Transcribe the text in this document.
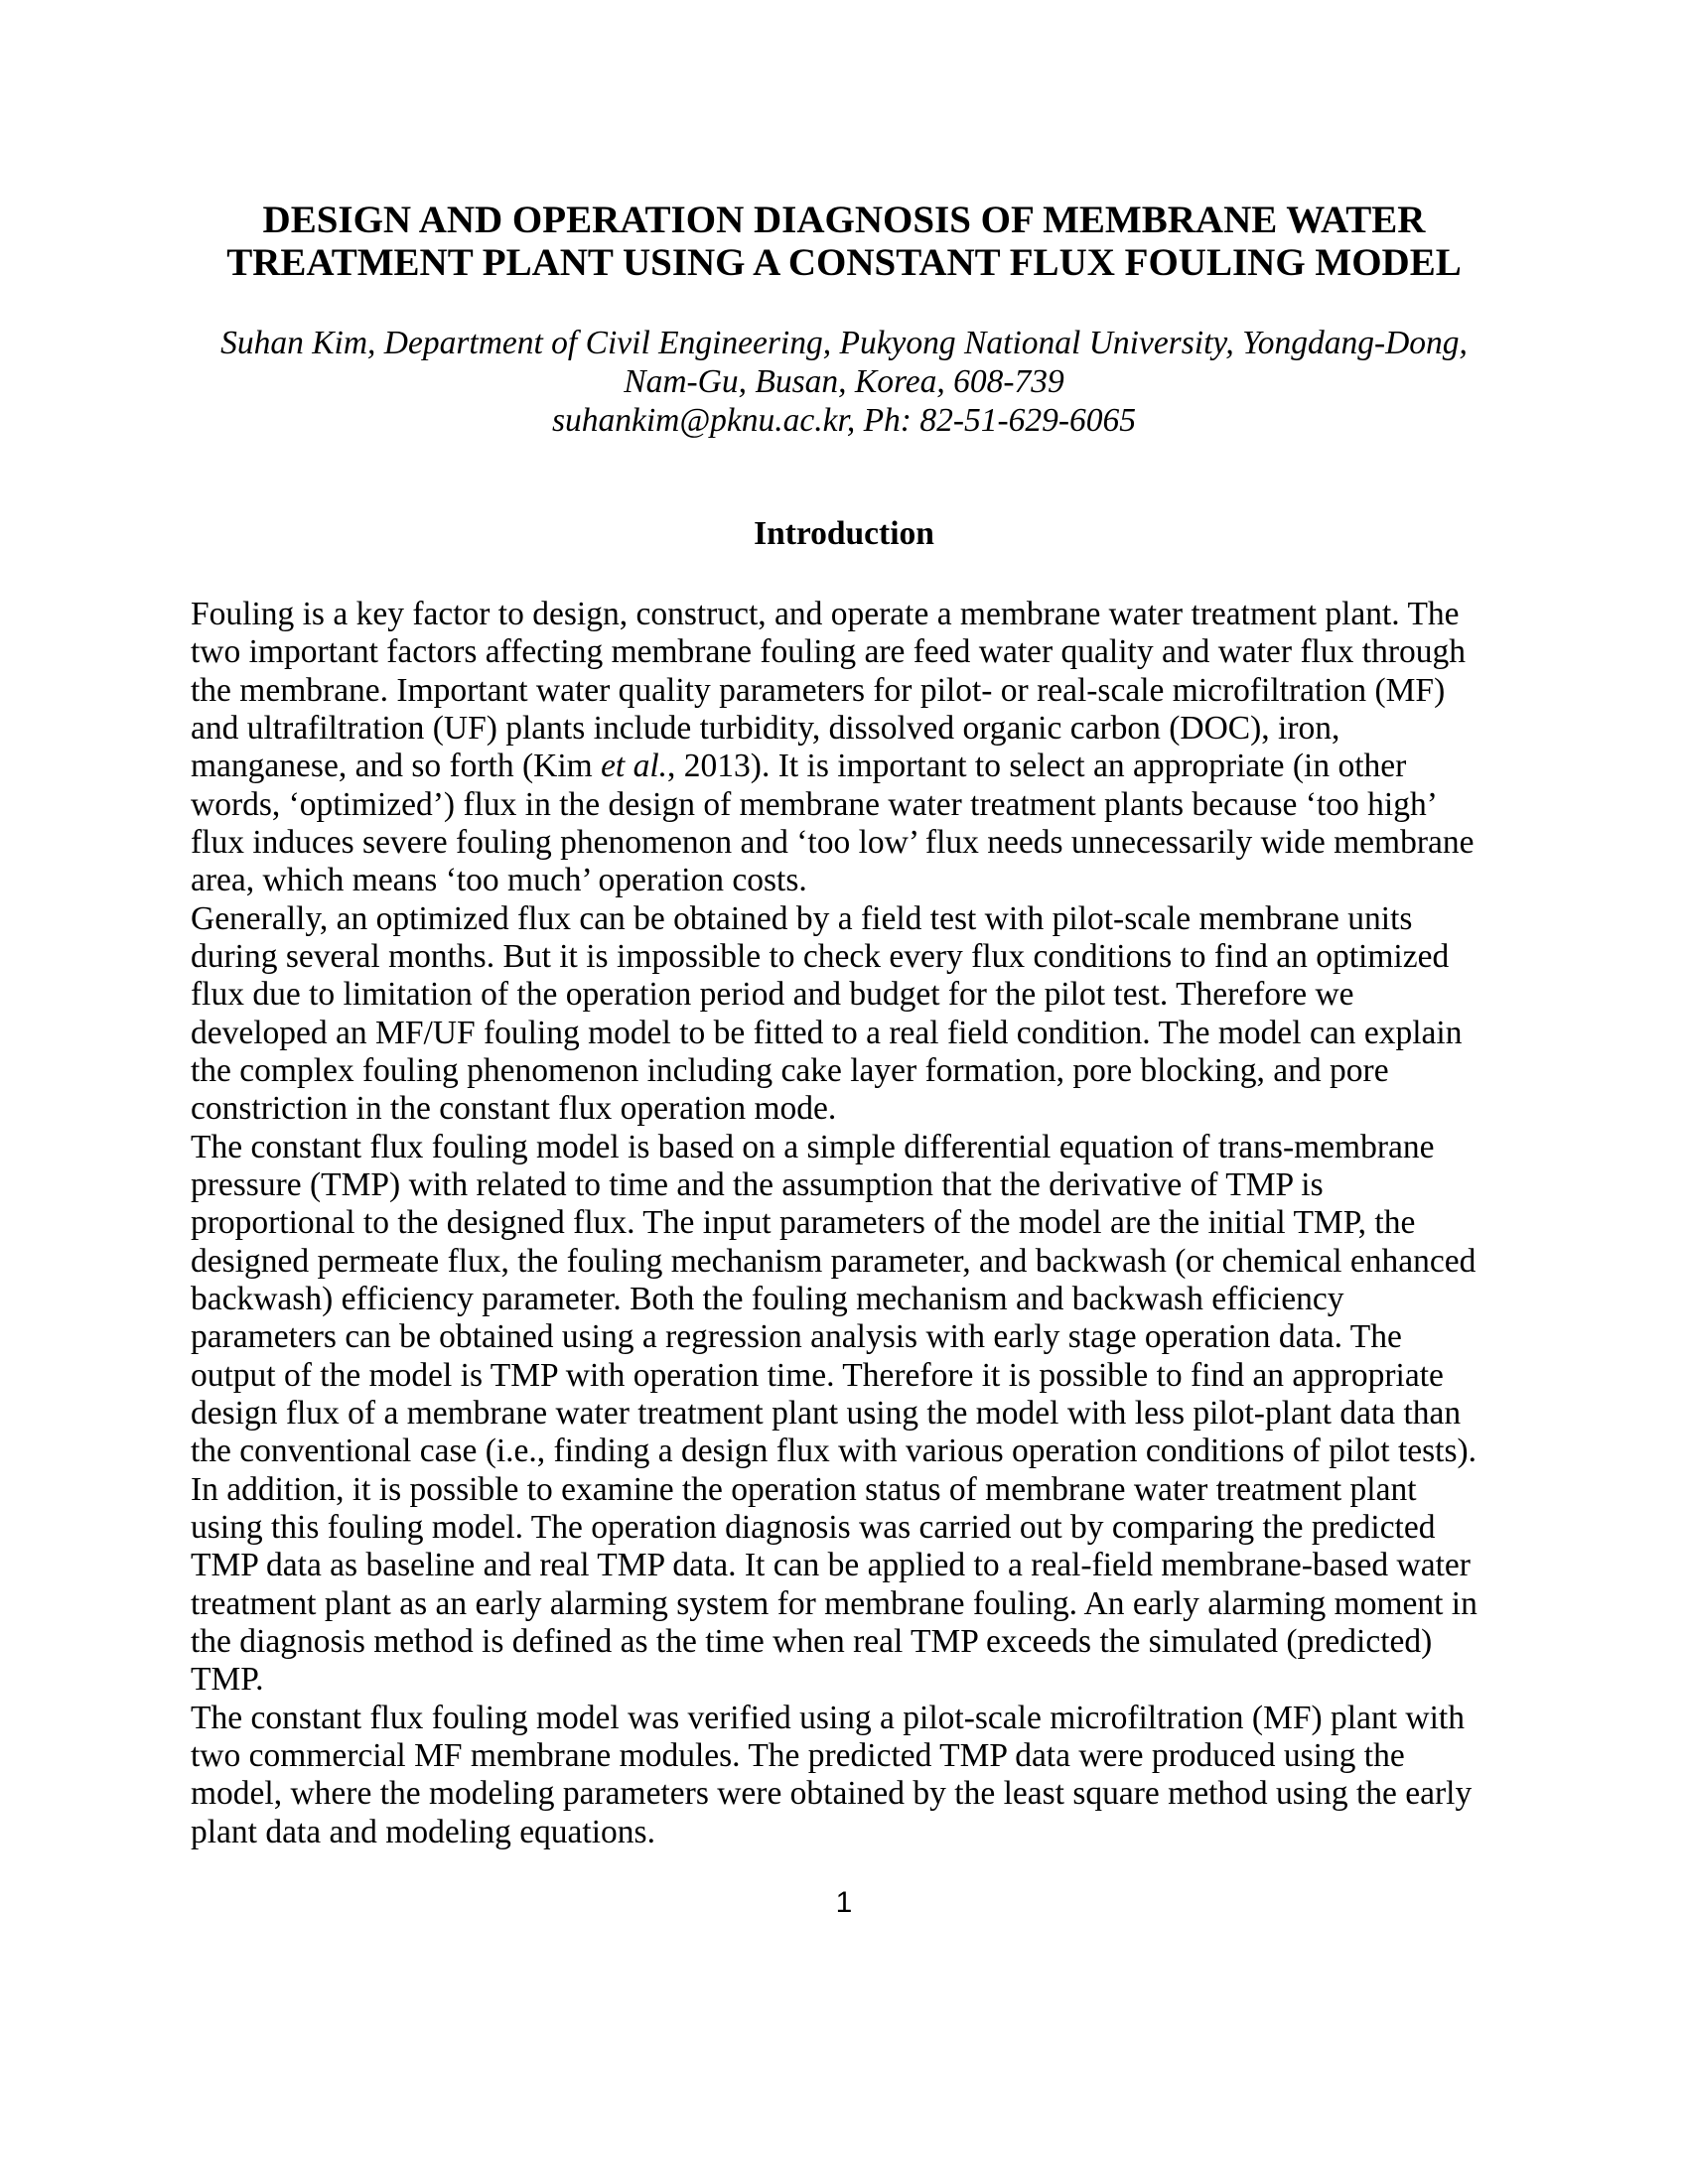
DESIGN AND OPERATION DIAGNOSIS OF MEMBRANE WATER
TREATMENT PLANT USING A CONSTANT FLUX FOULING MODEL
Suhan Kim, Department of Civil Engineering, Pukyong National University, Yongdang-Dong,
Nam-Gu, Busan, Korea, 608-739
suhankim@pknu.ac.kr, Ph: 82-51-629-6065
Introduction
Fouling is a key factor to design, construct, and operate a membrane water treatment plant. The
two important factors affecting membrane fouling are feed water quality and water flux through
the membrane. Important water quality parameters for pilot- or real-scale microfiltration (MF)
and ultrafiltration (UF) plants include turbidity, dissolved organic carbon (DOC), iron,
manganese, and so forth (Kim et al., 2013). It is important to select an appropriate (in other
words, ‘optimized’) flux in the design of membrane water treatment plants because ‘too high’
flux induces severe fouling phenomenon and ‘too low’ flux needs unnecessarily wide membrane
area, which means ‘too much’ operation costs.
Generally, an optimized flux can be obtained by a field test with pilot-scale membrane units
during several months. But it is impossible to check every flux conditions to find an optimized
flux due to limitation of the operation period and budget for the pilot test. Therefore we
developed an MF/UF fouling model to be fitted to a real field condition. The model can explain
the complex fouling phenomenon including cake layer formation, pore blocking, and pore
constriction in the constant flux operation mode.
The constant flux fouling model is based on a simple differential equation of trans-membrane
pressure (TMP) with related to time and the assumption that the derivative of TMP is
proportional to the designed flux. The input parameters of the model are the initial TMP, the
designed permeate flux, the fouling mechanism parameter, and backwash (or chemical enhanced
backwash) efficiency parameter. Both the fouling mechanism and backwash efficiency
parameters can be obtained using a regression analysis with early stage operation data. The
output of the model is TMP with operation time. Therefore it is possible to find an appropriate
design flux of a membrane water treatment plant using the model with less pilot-plant data than
the conventional case (i.e., finding a design flux with various operation conditions of pilot tests).
In addition, it is possible to examine the operation status of membrane water treatment plant
using this fouling model. The operation diagnosis was carried out by comparing the predicted
TMP data as baseline and real TMP data. It can be applied to a real-field membrane-based water
treatment plant as an early alarming system for membrane fouling. An early alarming moment in
the diagnosis method is defined as the time when real TMP exceeds the simulated (predicted)
TMP.
The constant flux fouling model was verified using a pilot-scale microfiltration (MF) plant with
two commercial MF membrane modules. The predicted TMP data were produced using the
model, where the modeling parameters were obtained by the least square method using the early
plant data and modeling equations.
1
